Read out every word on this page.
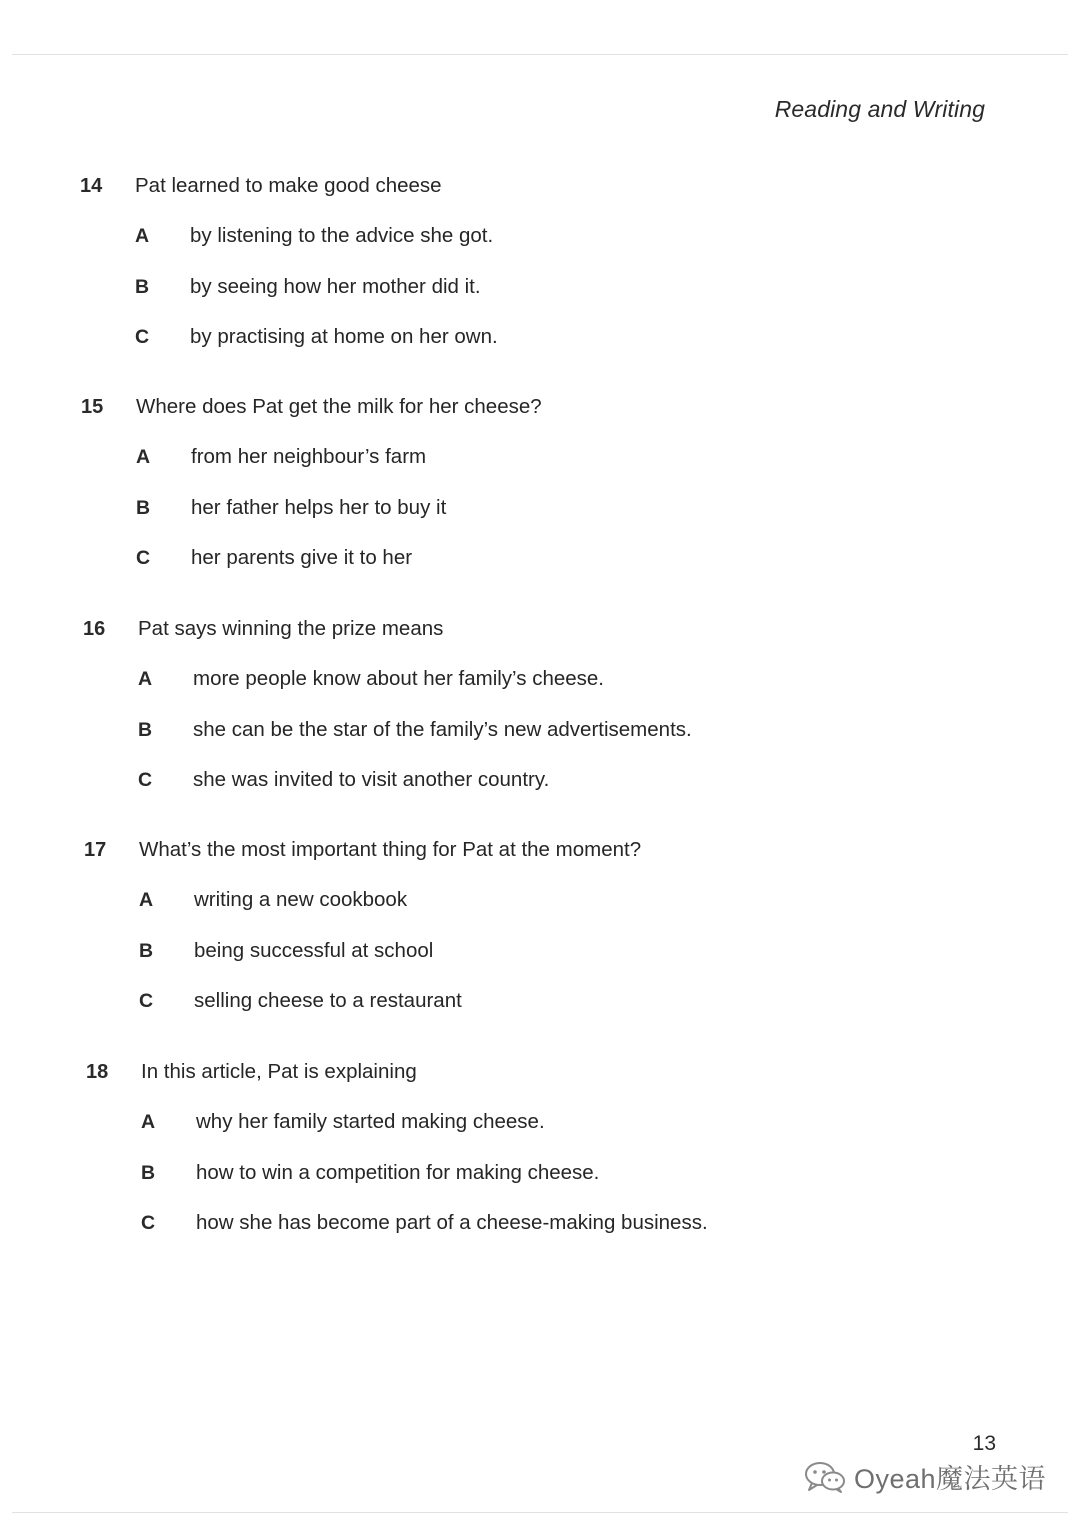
Reading and Writing
14	Pat learned to make good cheese
A	by listening to the advice she got.
B	by seeing how her mother did it.
C	by practising at home on her own.
15	Where does Pat get the milk for her cheese?
A	from her neighbour’s farm
B	her father helps her to buy it
C	her parents give it to her
16	Pat says winning the prize means
A	more people know about her family’s cheese.
B	she can be the star of the family’s new advertisements.
C	she was invited to visit another country.
17	What’s the most important thing for Pat at the moment?
A	writing a new cookbook
B	being successful at school
C	selling cheese to a restaurant
18	In this article, Pat is explaining
A	why her family started making cheese.
B	how to win a competition for making cheese.
C	how she has become part of a cheese-making business.
13
Oyeah魔法英语
